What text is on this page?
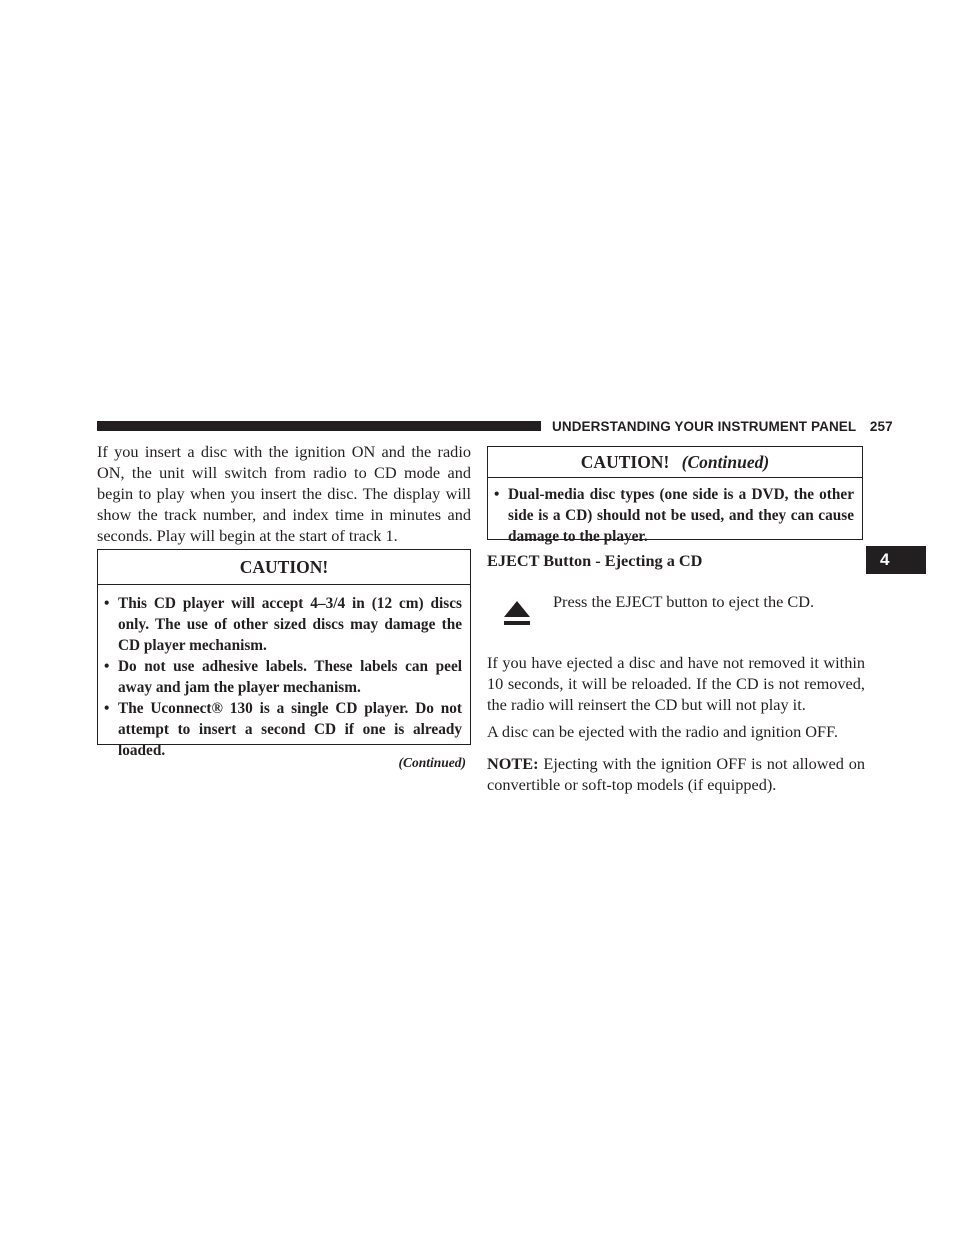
UNDERSTANDING YOUR INSTRUMENT PANEL 257
4

If you insert a disc with the ignition ON and the radio ON, the unit will switch from radio to CD mode and begin to play when you insert the disc. The display will show the track number, and index time in minutes and seconds. Play will begin at the start of track 1.

CAUTION!
• This CD player will accept 4–3/4 in (12 cm) discs only. The use of other sized discs may damage the CD player mechanism.
• Do not use adhesive labels. These labels can peel away and jam the player mechanism.
• The Uconnect® 130 is a single CD player. Do not attempt to insert a second CD if one is already loaded.
(Continued)
CAUTION! (Continued)
• Dual-media disc types (one side is a DVD, the other side is a CD) should not be used, and they can cause damage to the player.
EJECT Button - Ejecting a CD

Press the EJECT button to eject the CD.

If you have ejected a disc and have not removed it within 10 seconds, it will be reloaded. If the CD is not removed, the radio will reinsert the CD but will not play it.

A disc can be ejected with the radio and ignition OFF.

NOTE: Ejecting with the ignition OFF is not allowed on convertible or soft-top models (if equipped).
